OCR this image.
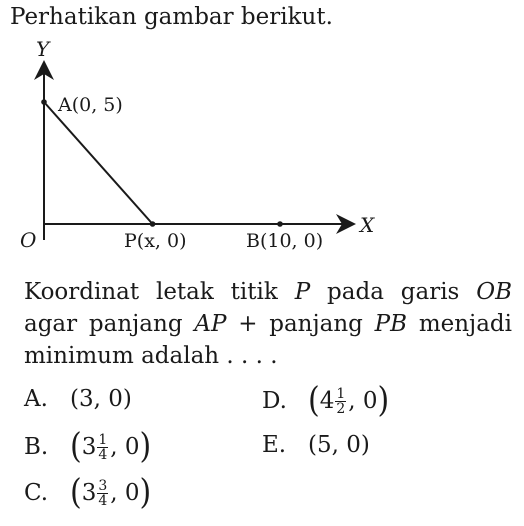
Perhatikan gambar berikut.
Y
X
O
A(0, 5)
P(x, 0)	B(10, 0)
Koordinat letak titik P pada garis OB agar panjang AP + panjang PB menjadi minimum adalah . . . .
A. (3, 0)
B. ( $3 \frac{1}{4}$ , 0 )
C. ( $3 \frac{3}{4}$ , 0 )
D. ( $4 \frac{1}{2}$ , 0 )
E. (5, 0)
